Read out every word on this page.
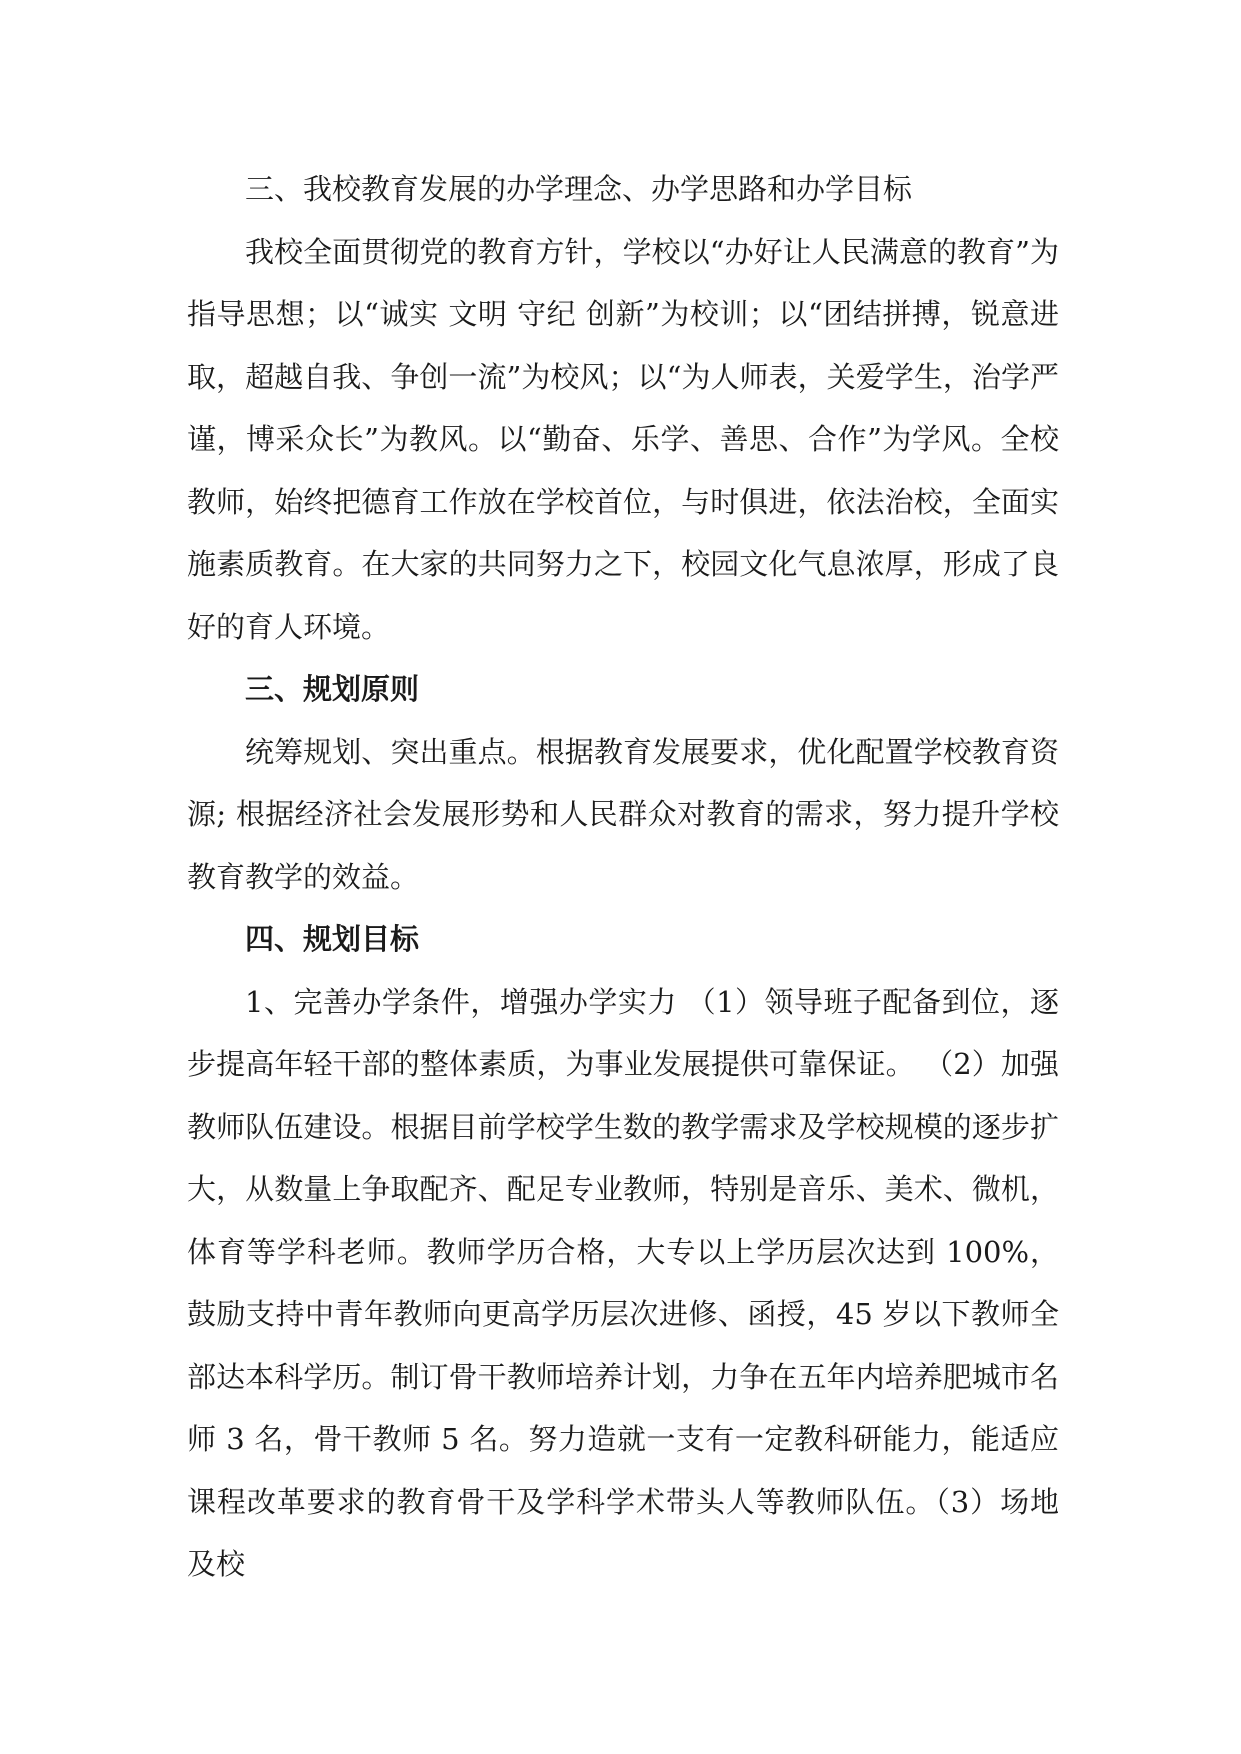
三、我校教育发展的办学理念、办学思路和办学目标

我校全面贯彻党的教育方针，学校以“办好让人民满意的教育”为指导思想；以“诚实 文明 守纪 创新”为校训；以“团结拼搏，锐意进取，超越自我、争创一流”为校风；以“为人师表，关爱学生，治学严谨，博采众长”为教风。以“勤奋、乐学、善思、合作”为学风。全校教师，始终把德育工作放在学校首位，与时俱进，依法治校，全面实施素质教育。在大家的共同努力之下，校园文化气息浓厚，形成了良好的育人环境。

三、规划原则

统筹规划、突出重点。根据教育发展要求，优化配置学校教育资源; 根据经济社会发展形势和人民群众对教育的需求，努力提升学校教育教学的效益。

四、规划目标

1、完善办学条件，增强办学实力 （1）领导班子配备到位，逐步提高年轻干部的整体素质，为事业发展提供可靠保证。 （2）加强教师队伍建设。根据目前学校学生数的教学需求及学校规模的逐步扩大，从数量上争取配齐、配足专业教师，特别是音乐、美术、微机，体育等学科老师。教师学历合格，大专以上学历层次达到 100%，鼓励支持中青年教师向更高学历层次进修、函授，45 岁以下教师全部达本科学历。制订骨干教师培养计划，力争在五年内培养肥城市名师 3 名，骨干教师 5 名。努力造就一支有一定教科研能力，能适应课程改革要求的教育骨干及学科学术带头人等教师队伍。（3）场地及校
